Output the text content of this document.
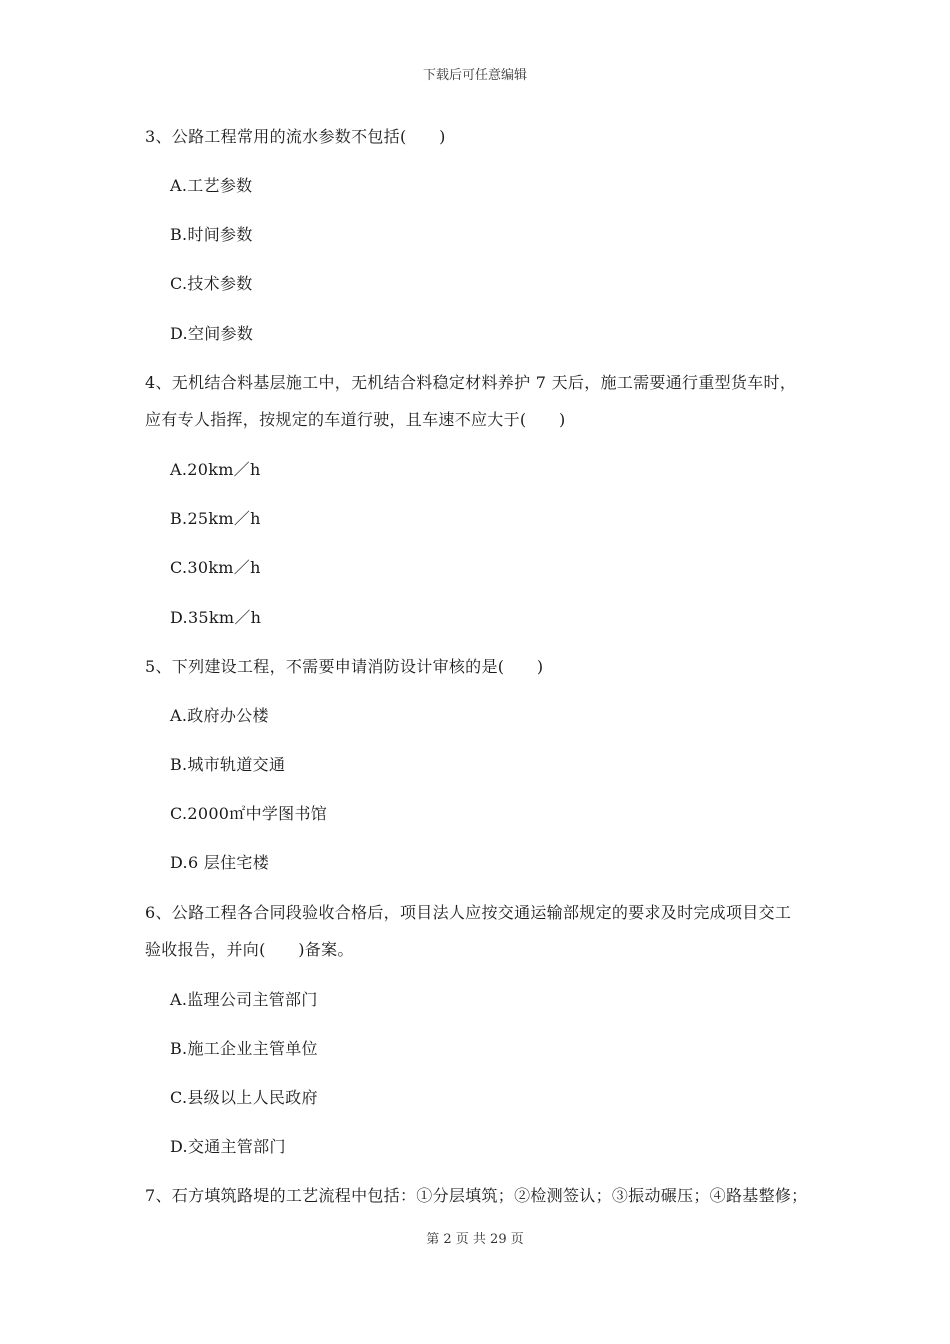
下载后可任意编辑
3、公路工程常用的流水参数不包括(　　)
A.工艺参数
B.时间参数
C.技术参数
D.空间参数
4、无机结合料基层施工中，无机结合料稳定材料养护 7 天后，施工需要通行重型货车时，
应有专人指挥，按规定的车道行驶，且车速不应大于(　　)
A.20km／h
B.25km／h
C.30km／h
D.35km／h
5、下列建设工程，不需要申请消防设计审核的是(　　)
A.政府办公楼
B.城市轨道交通
C.2000㎡中学图书馆
D.6 层住宅楼
6、公路工程各合同段验收合格后，项目法人应按交通运输部规定的要求及时完成项目交工
验收报告，并向(　　)备案。
A.监理公司主管部门
B.施工企业主管单位
C.县级以上人民政府
D.交通主管部门
7、石方填筑路堤的工艺流程中包括：①分层填筑；②检测签认；③振动碾压；④路基整修；
第 2 页 共 29 页
